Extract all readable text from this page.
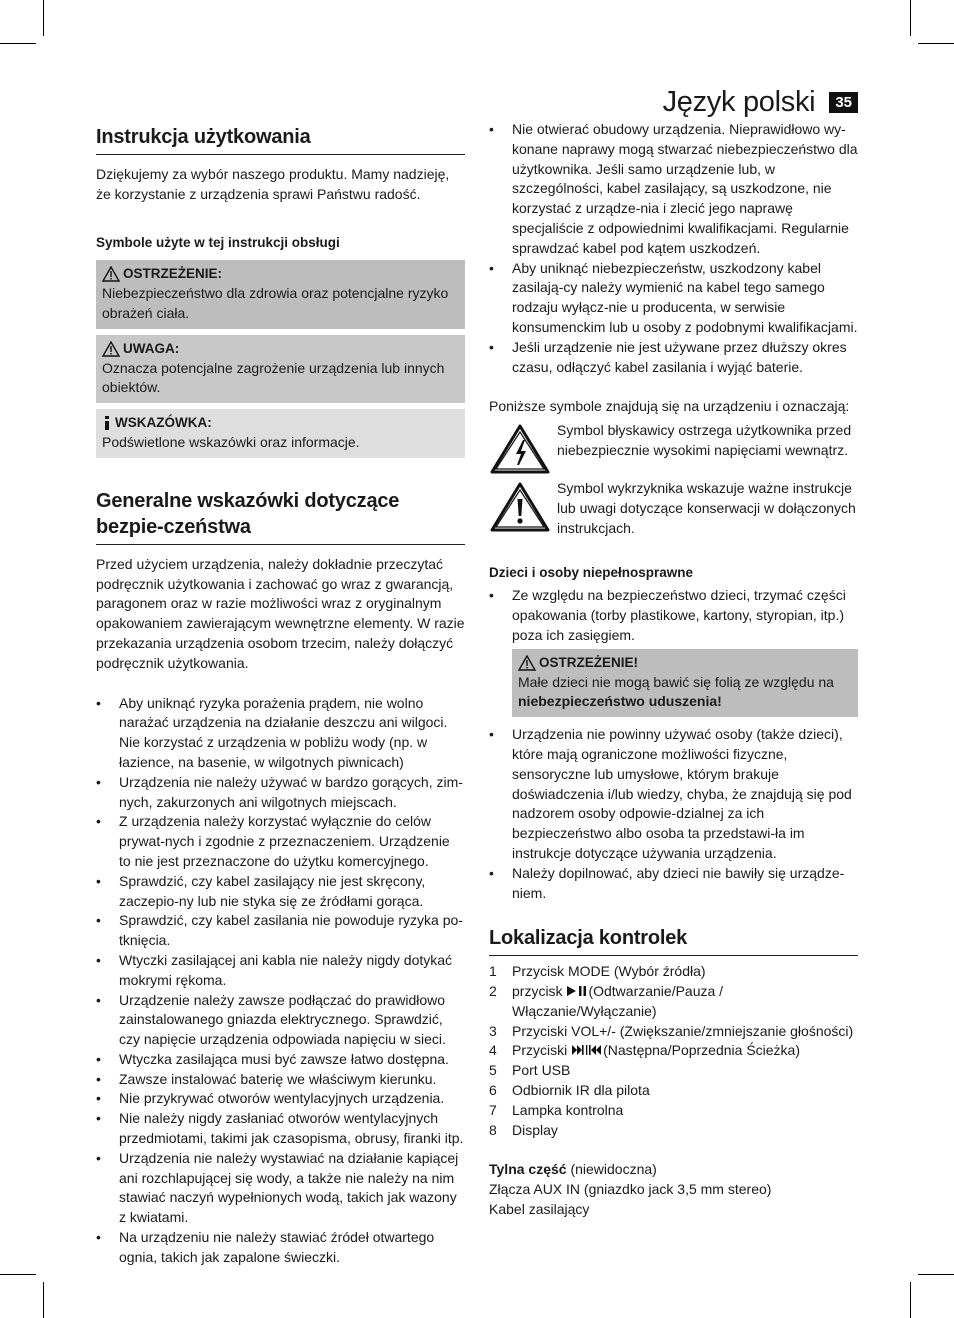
Język polski	35
Instrukcja użytkowania

Dziękujemy za wybór naszego produktu. Mamy nadzieję, że korzystanie z urządzenia sprawi Państwu radość.

Symbole użyte w tej instrukcji obsługi

OSTRZEŻENIE:

Niebezpieczeństwo dla zdrowia oraz potencjalne ryzyko obrażeń ciała.

UWAGA:

Oznacza potencjalne zagrożenie urządzenia lub innych obiektów.

WSKAZÓWKA:

Podświetlone wskazówki oraz informacje.

Generalne wskazówki dotyczące bezpie-czeństwa

Przed użyciem urządzenia, należy dokładnie przeczytać podręcznik użytkowania i zachować go wraz z gwarancją, paragonem oraz w razie możliwości wraz z oryginalnym opakowaniem zawierającym wewnętrzne elementy. W razie przekazania urządzenia osobom trzecim, należy dołączyć podręcznik użytkowania.

• Aby uniknąć ryzyka porażenia prądem, nie wolno narażać urządzenia na działanie deszczu ani wilgoci. Nie korzystać z urządzenia w pobliżu wody (np. w łazience, na basenie, w wilgotnych piwnicach)
• Urządzenia nie należy używać w bardzo gorących, zim-nych, zakurzonych ani wilgotnych miejscach.
• Z urządzenia należy korzystać wyłącznie do celów prywat-nych i zgodnie z przeznaczeniem. Urządzenie to nie jest przeznaczone do użytku komercyjnego.
• Sprawdzić, czy kabel zasilający nie jest skręcony, zaczepio-ny lub nie styka się ze źródłami gorąca.
• Sprawdzić, czy kabel zasilania nie powoduje ryzyka po-tknięcia.
• Wtyczki zasilającej ani kabla nie należy nigdy dotykać mokrymi rękoma.
• Urządzenie należy zawsze podłączać do prawidłowo zainstalowanego gniazda elektrycznego. Sprawdzić, czy napięcie urządzenia odpowiada napięciu w sieci.
• Wtyczka zasilająca musi być zawsze łatwo dostępna.
• Zawsze instalować baterię we właściwym kierunku.
• Nie przykrywać otworów wentylacyjnych urządzenia.
• Nie należy nigdy zasłaniać otworów wentylacyjnych przedmiotami, takimi jak czasopisma, obrusy, firanki itp.
• Urządzenia nie należy wystawiać na działanie kapiącej ani rozchlapującej się wody, a także nie należy na nim stawiać naczyń wypełnionych wodą, takich jak wazony z kwiatami.
• Na urządzeniu nie należy stawiać źródeł otwartego ognia, takich jak zapalone świeczki.
• Nie otwierać obudowy urządzenia. Nieprawidłowo wy-konane naprawy mogą stwarzać niebezpieczeństwo dla użytkownika. Jeśli samo urządzenie lub, w szczególności, kabel zasilający, są uszkodzone, nie korzystać z urządze-nia i zlecić jego naprawę specjaliście z odpowiednimi kwalifikacjami. Regularnie sprawdzać kabel pod kątem uszkodzeń.
• Aby uniknąć niebezpieczeństw, uszkodzony kabel zasilają-cy należy wymienić na kabel tego samego rodzaju wyłącz-nie u producenta, w serwisie konsumenckim lub u osoby z podobnymi kwalifikacjami.
• Jeśli urządzenie nie jest używane przez dłuższy okres czasu, odłączyć kabel zasilania i wyjąć baterie.

Poniższe symbole znajdują się na urządzeniu i oznaczają:

Symbol błyskawicy ostrzega użytkownika przed niebezpiecznie wysokimi napięciami wewnątrz.

Symbol wykrzyknika wskazuje ważne instrukcje lub uwagi dotyczące konserwacji w dołączonych instrukcjach.

Dzieci i osoby niepełnosprawne

• Ze względu na bezpieczeństwo dzieci, trzymać części opakowania (torby plastikowe, kartony, styropian, itp.) poza ich zasięgiem.
OSTRZEŻENIE!

Małe dzieci nie mogą bawić się folią ze względu na niebezpieczeństwo uduszenia!

• Urządzenia nie powinny używać osoby (także dzieci), które mają ograniczone możliwości fizyczne, sensoryczne lub umysłowe, którym brakuje doświadczenia i/lub wiedzy, chyba, że znajdują się pod nadzorem osoby odpowie-dzialnej za ich bezpieczeństwo albo osoba ta przedstawi-ła im instrukcje dotyczące używania urządzenia.
• Należy dopilnować, aby dzieci nie bawiły się urządze-niem.
Lokalizacja kontrolek
1	Przycisk MODE (Wybór źródła)
2	przycisk (Odtwarzanie/Pauza / Włączanie/Wyłączanie)
3	Przyciski VOL+/- (Zwiększanie/zmniejszanie głośności)
4	Przyciski (Następna/Poprzednia Ścieżka)
5	Port USB
6	Odbiornik IR dla pilota
7	Lampka kontrolna
8	Display

Tylna część (niewidoczna)

Złącza AUX IN (gniazdko jack 3,5 mm stereo)

Kabel zasilający
